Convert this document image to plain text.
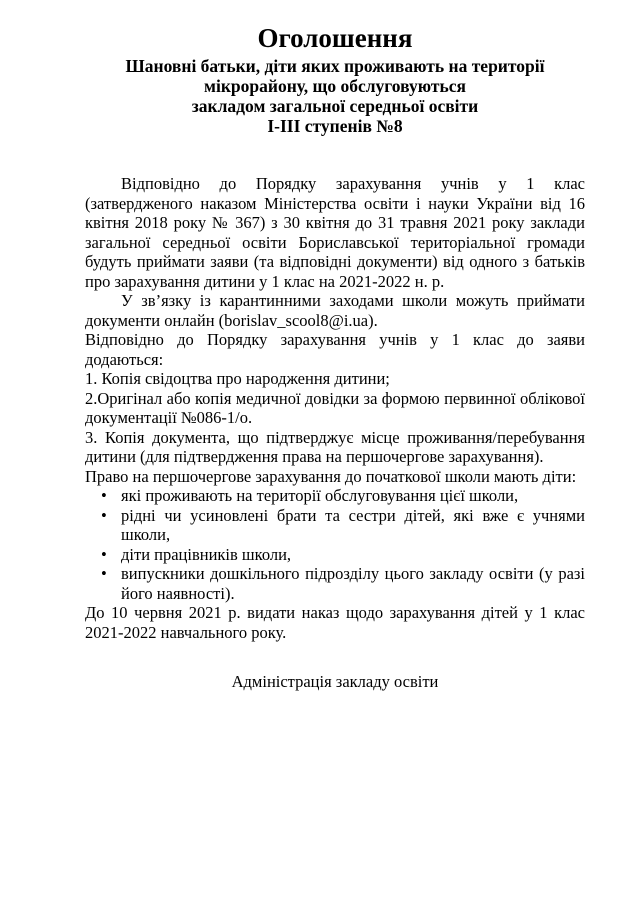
Оголошення
Шановні батьки, діти яких проживають на території
мікрорайону, що обслуговуються
закладом загальної середньої освіти
І-ІІІ ступенів №8

Відповідно до Порядку зарахування учнів у 1 клас (затвердженого наказом Міністерства освіти і науки України від 16 квітня 2018 року № 367) з 30 квітня до 31 травня 2021 року заклади загальної середньої освіти Бориславської територіальної громади будуть приймати заяви (та відповідні документи) від одного з батьків про зарахування дитини у 1 клас на 2021-2022 н. р.

У зв’язку із карантинними заходами школи можуть приймати документи онлайн (borislav_scool8@i.ua).

Відповідно до Порядку зарахування учнів у 1 клас до заяви додаються:

1. Копія свідоцтва про народження дитини;

2.Оригінал або копія медичної довідки за формою первинної облікової документації №086-1/о.

3. Копія документа, що підтверджує місце проживання/перебування дитини (для підтвердження права на першочергове зарахування).

Право на першочергове зарахування до початкової школи мають діти:

• які проживають на території обслуговування цієї школи,
• рідні чи усиновлені брати та сестри дітей, які вже є учнями школи,
• діти працівників школи,
• випускники дошкільного підрозділу цього закладу освіти (у разі його наявності).

До 10 червня 2021 р. видати наказ щодо зарахування дітей у 1 клас 2021-2022 навчального року.

Адміністрація закладу освіти
